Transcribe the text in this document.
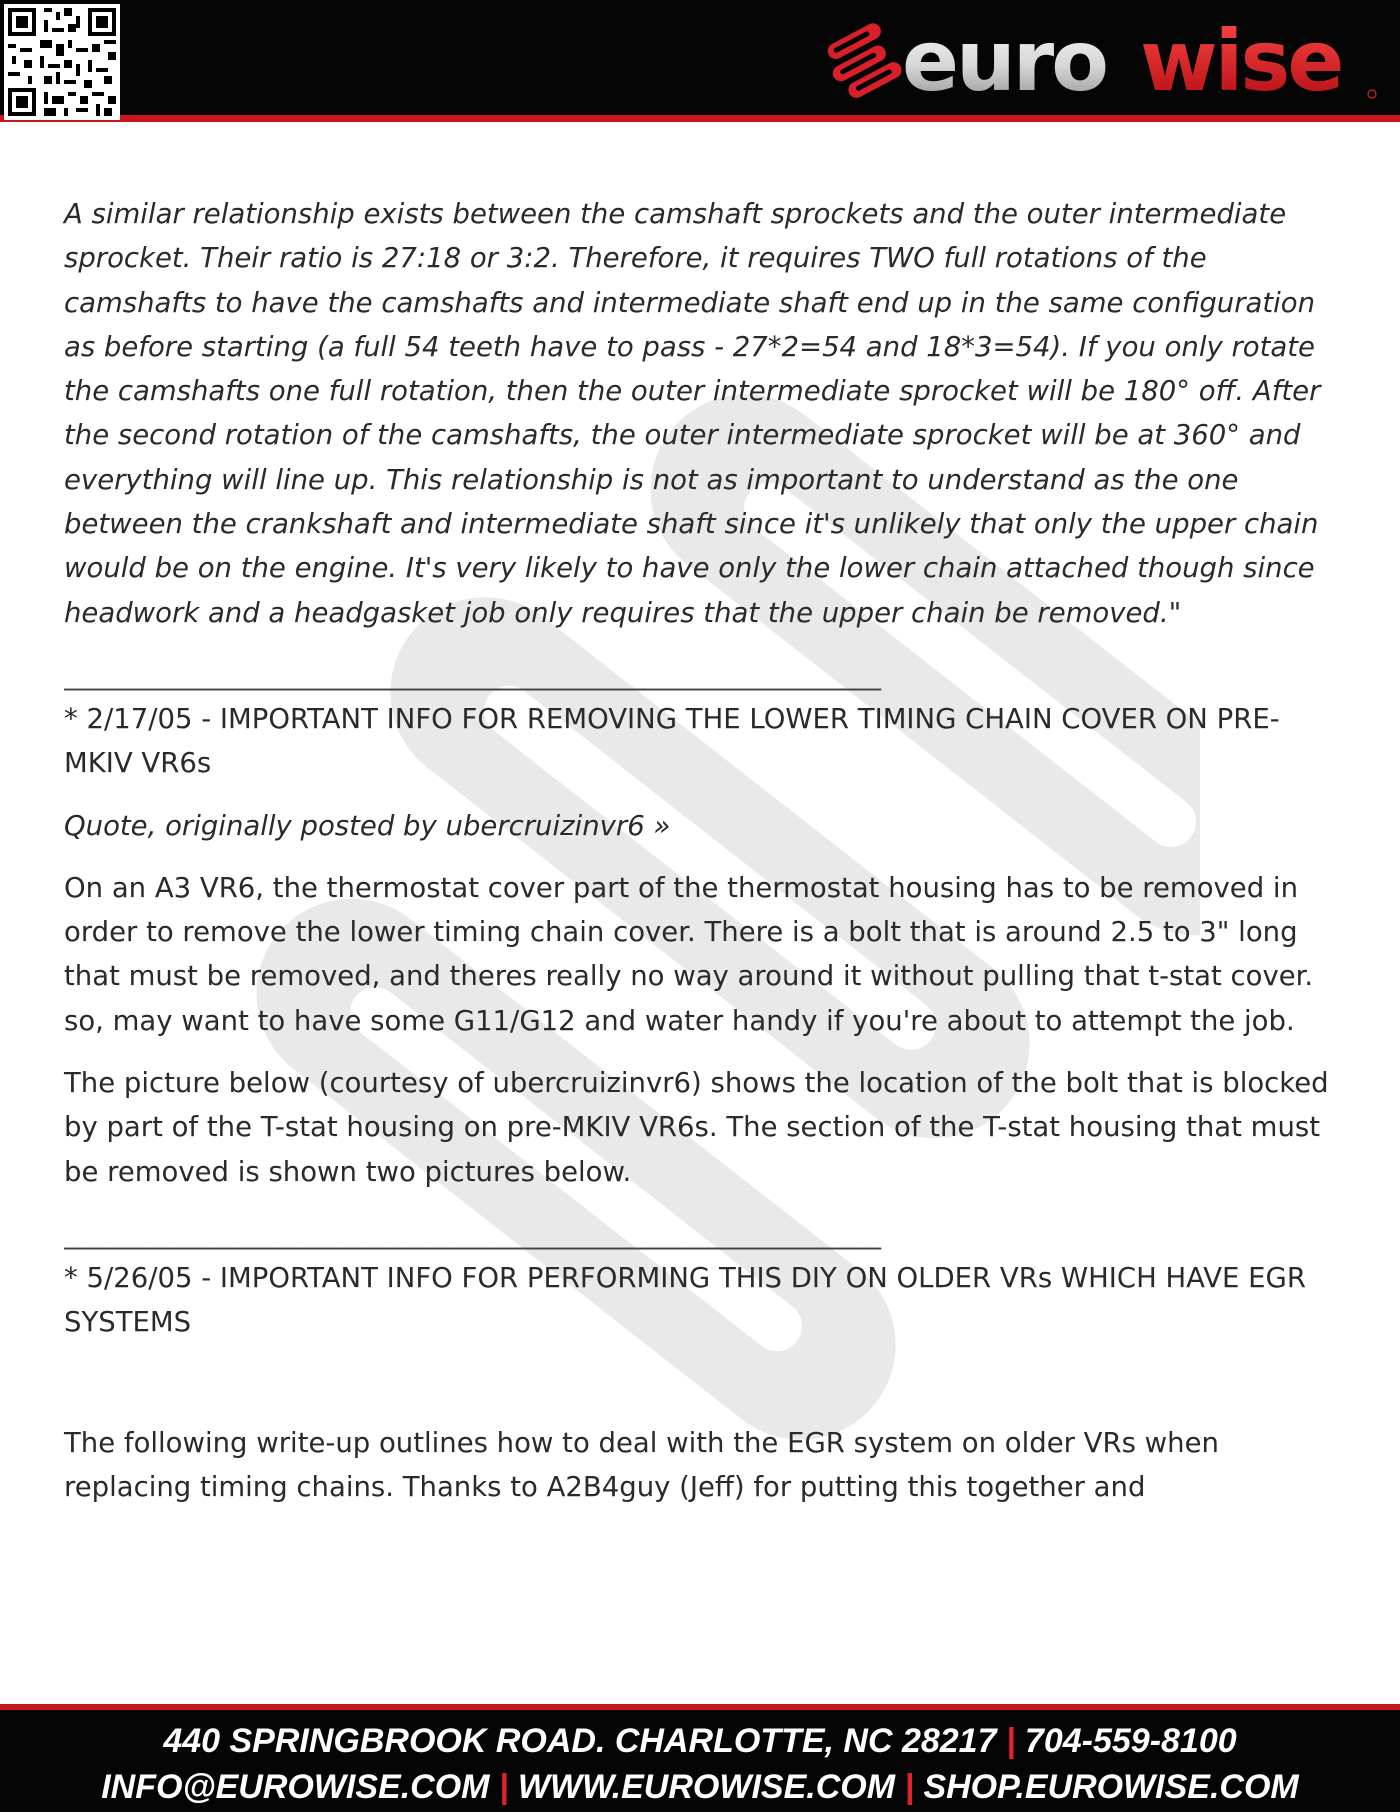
euro wise

A similar relationship exists between the camshaft sprockets and the outer intermediate sprocket. Their ratio is 27:18 or 3:2. Therefore, it requires TWO full rotations of the camshafts to have the camshafts and intermediate shaft end up in the same configuration as before starting (a full 54 teeth have to pass - 27*2=54 and 18*3=54). If you only rotate the camshafts one full rotation, then the outer intermediate sprocket will be 180° off. After the second rotation of the camshafts, the outer intermediate sprocket will be at 360° and everything will line up. This relationship is not as important to understand as the one between the crankshaft and intermediate shaft since it's unlikely that only the upper chain would be on the engine. It's very likely to have only the lower chain attached though since headwork and a headgasket job only requires that the upper chain be removed."

________________________________________________________________

* 2/17/05 - IMPORTANT INFO FOR REMOVING THE LOWER TIMING CHAIN COVER ON PRE-MKIV VR6s

Quote, originally posted by ubercruizinvr6 »

On an A3 VR6, the thermostat cover part of the thermostat housing has to be removed in order to remove the lower timing chain cover. There is a bolt that is around 2.5 to 3" long that must be removed, and theres really no way around it without pulling that t-stat cover. so, may want to have some G11/G12 and water handy if you're about to attempt the job.

The picture below (courtesy of ubercruizinvr6) shows the location of the bolt that is blocked by part of the T-stat housing on pre-MKIV VR6s. The section of the T-stat housing that must be removed is shown two pictures below.

________________________________________________________________

* 5/26/05 - IMPORTANT INFO FOR PERFORMING THIS DIY ON OLDER VRs WHICH HAVE EGR SYSTEMS

The following write-up outlines how to deal with the EGR system on older VRs when replacing timing chains. Thanks to A2B4guy (Jeff) for putting this together and

440 SPRINGBROOK ROAD. CHARLOTTE, NC 28217 | 704-559-8100
INFO@EUROWISE.COM | WWW.EUROWISE.COM | SHOP.EUROWISE.COM
